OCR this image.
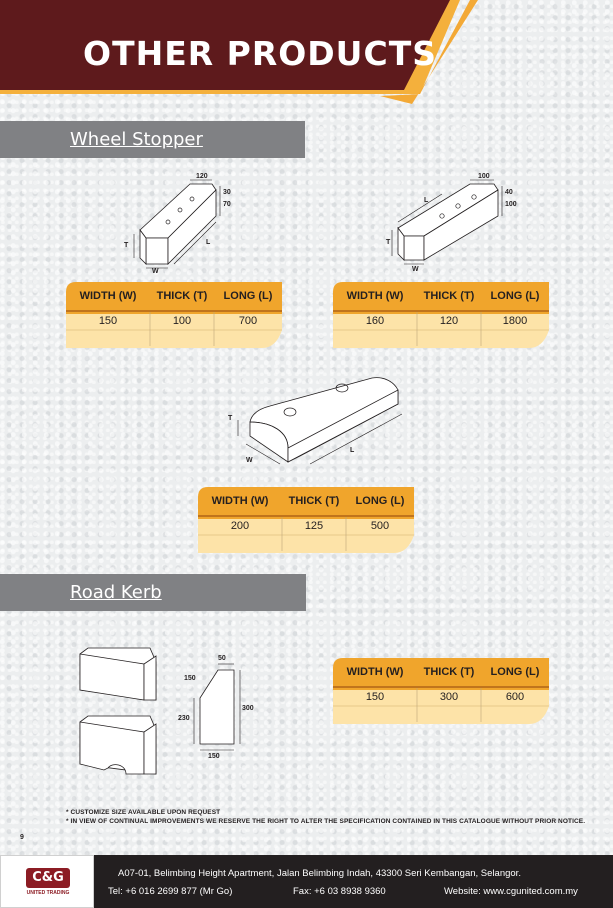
OTHER PRODUCTS
Wheel Stopper
120
30
70
T
W
L
100
40
100
T
W
L
T
W
L
Road Kerb
50
150
230
300
150
WIDTH (W)	THICK (T)	LONG (L)
150	100	700
WIDTH (W)	THICK (T)	LONG (L)
160	120	1800
WIDTH (W)	THICK (T)	LONG (L)
200	125	500
WIDTH (W)	THICK (T)	LONG (L)
150	300	600
* CUSTOMIZE SIZE AVAILABLE UPON REQUEST
* IN VIEW OF CONTINUAL IMPROVEMENTS WE RESERVE THE RIGHT TO ALTER THE SPECIFICATION CONTAINED IN THIS CATALOGUE WITHOUT PRIOR NOTICE.
9
C&G
UNITED TRADING
A07-01, Belimbing Height Apartment, Jalan Belimbing Indah, 43300 Seri Kembangan, Selangor.
Tel: +6 016 2699 877 (Mr Go)	Fax: +6 03 8938 9360	Website: www.cgunited.com.my
